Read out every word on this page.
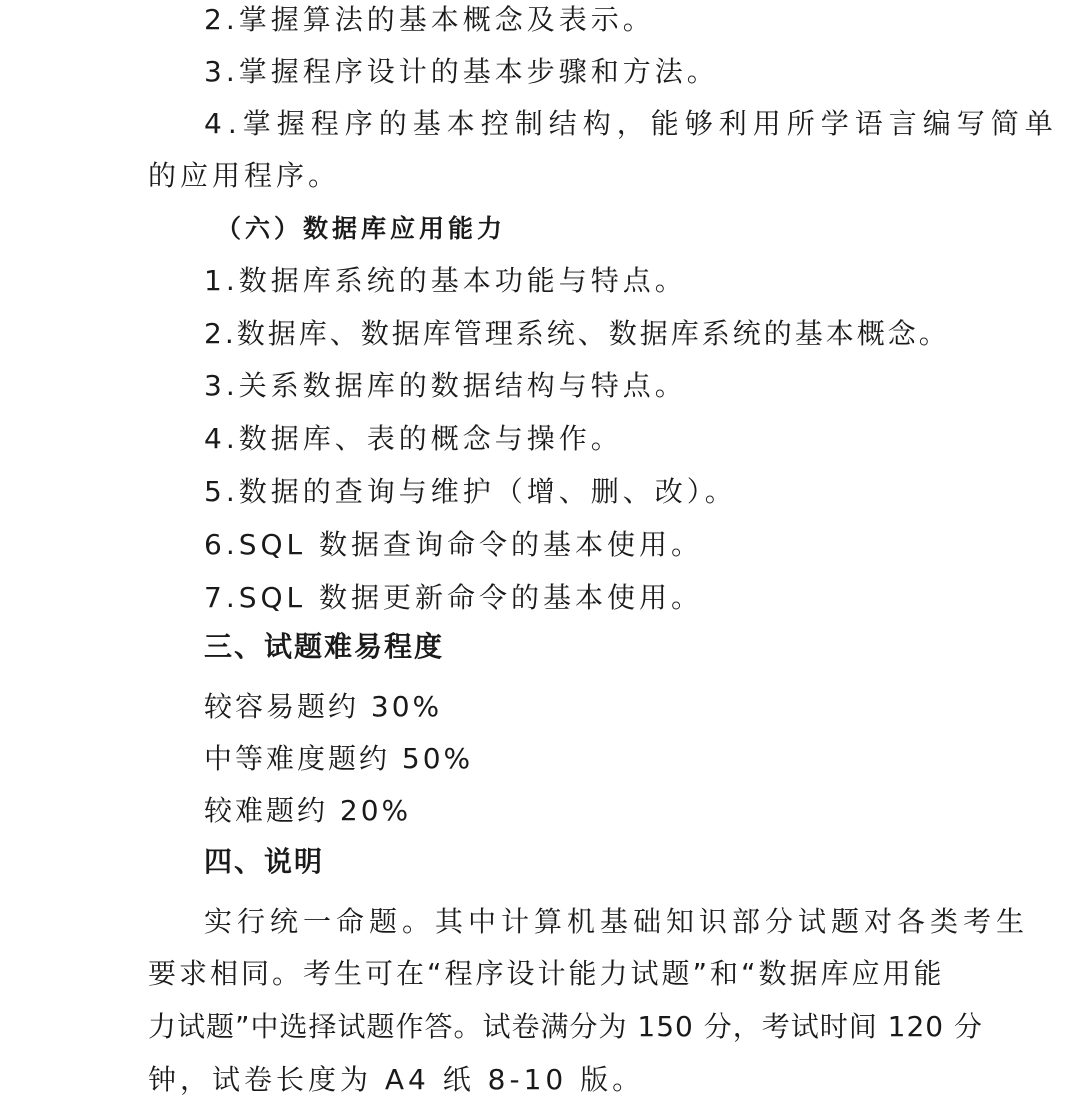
2.掌握算法的基本概念及表示。
3.掌握程序设计的基本步骤和方法。
4.掌握程序的基本控制结构，能够利用所学语言编写简单
的应用程序。
（六）数据库应用能力
1.数据库系统的基本功能与特点。
2.数据库、数据库管理系统、数据库系统的基本概念。
3.关系数据库的数据结构与特点。
4.数据库、表的概念与操作。
5.数据的查询与维护（增、删、改）。
6.SQL 数据查询命令的基本使用。
7.SQL 数据更新命令的基本使用。
三、试题难易程度
较容易题约 30%
中等难度题约 50%
较难题约 20%
四、说明
实行统一命题。其中计算机基础知识部分试题对各类考生
要求相同。考生可在“程序设计能力试题”和“数据库应用能
力试题”中选择试题作答。试卷满分为 150 分，考试时间 120 分
钟，试卷长度为 A4 纸 8-10 版。
